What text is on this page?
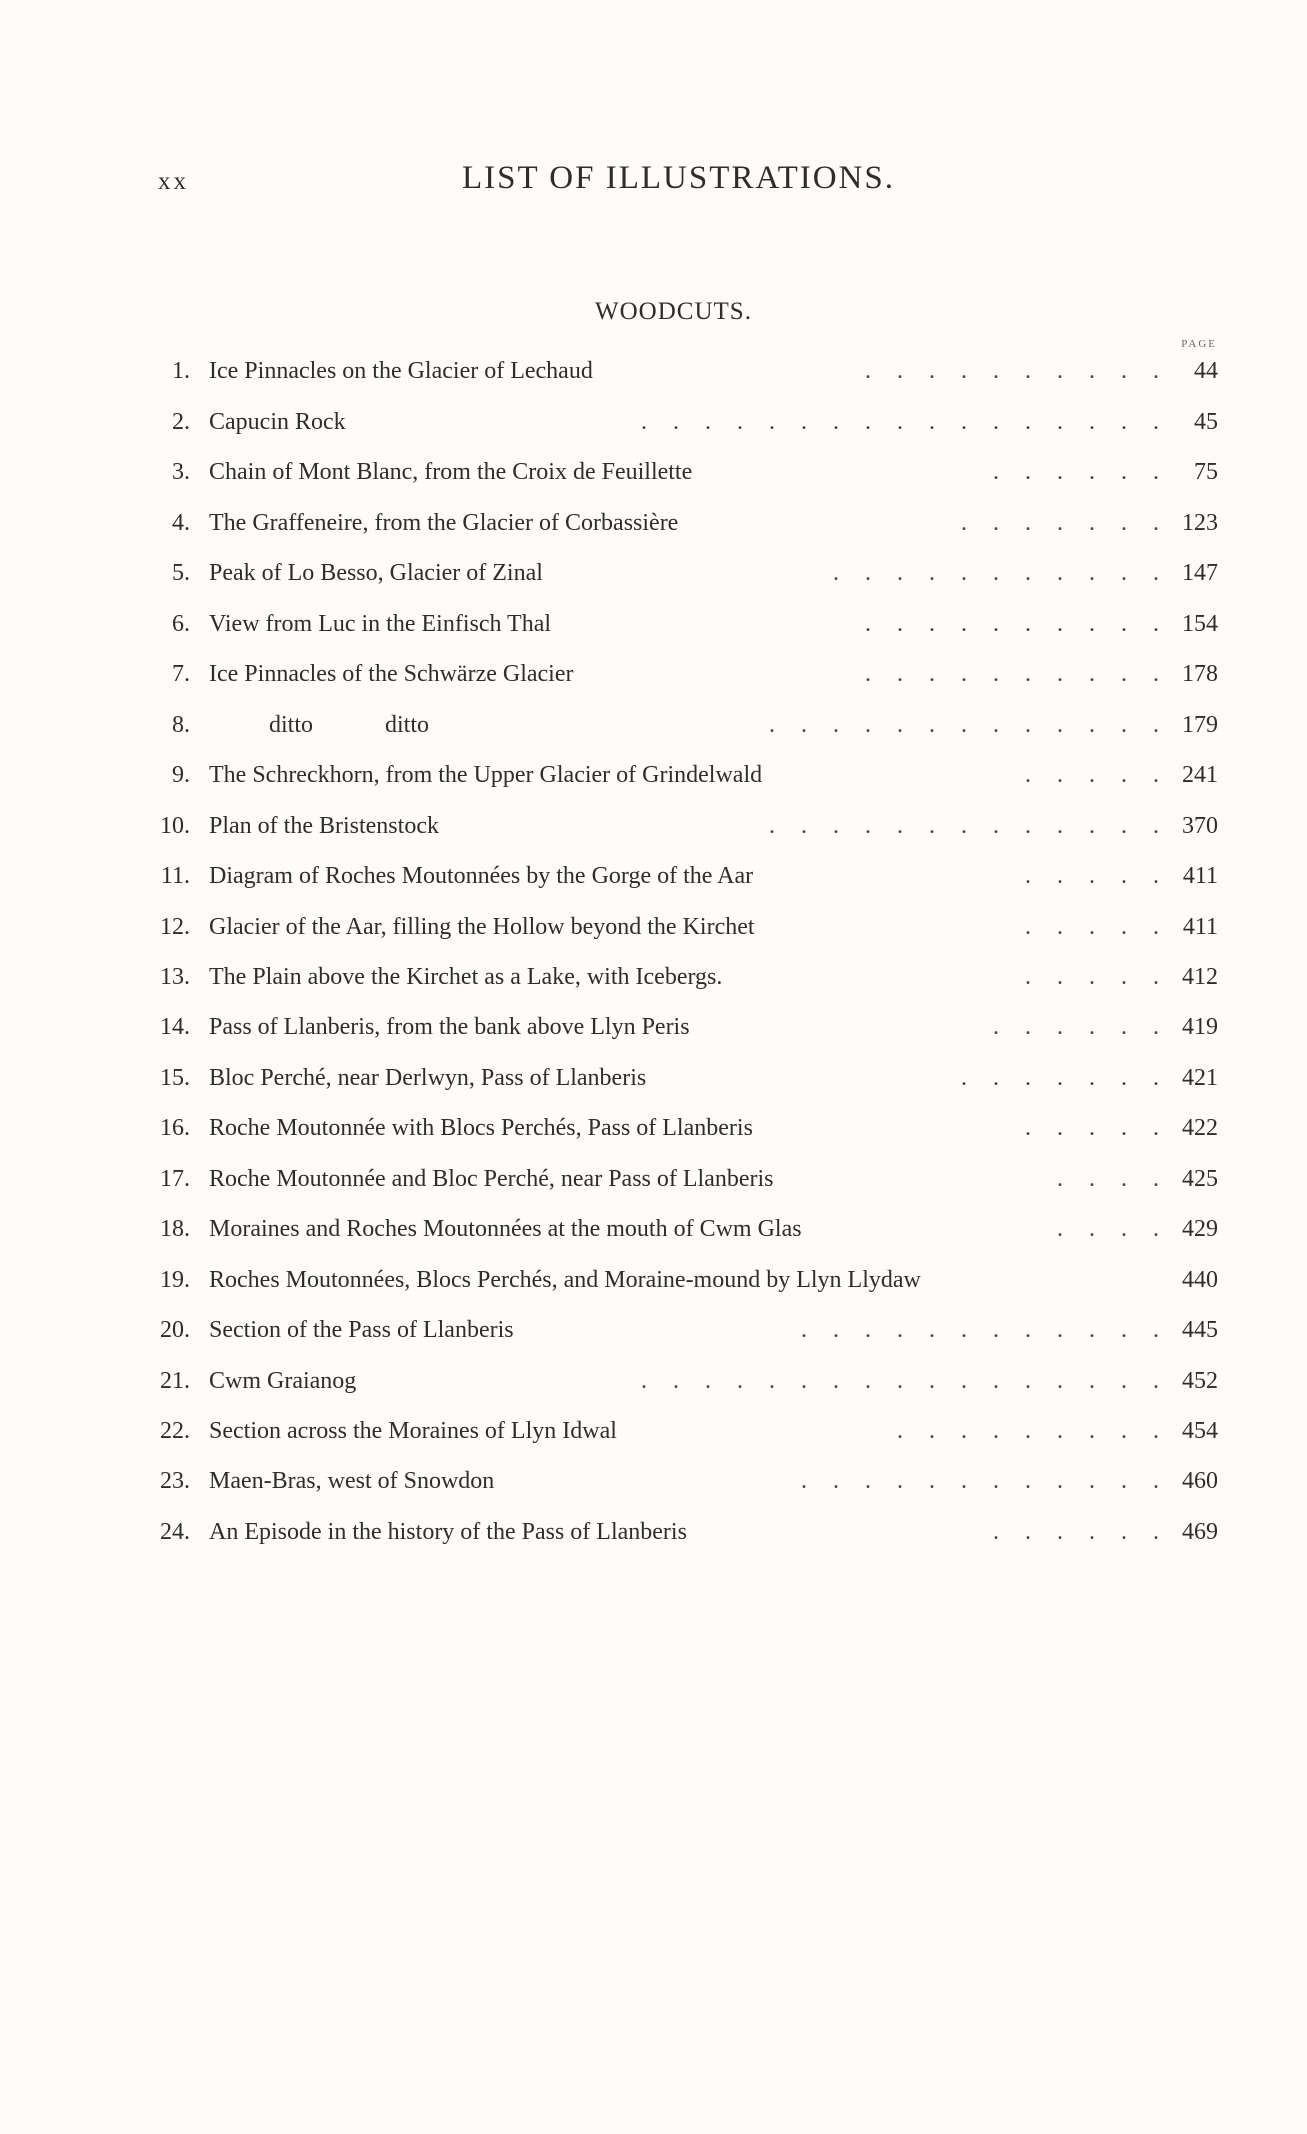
xx	LIST OF ILLUSTRATIONS.
WOODCUTS.
PAGE
1. Ice Pinnacles on the Glacier of Lechaud	. . . . . . . . . .	44
2. Capucin Rock	. . . . . . . . . . . . . . . . .	45
3. Chain of Mont Blanc, from the Croix de Feuillette	. . . . . .	75
4. The Graffeneire, from the Glacier of Corbassière	. . . . . . . 123
5. Peak of Lo Besso, Glacier of Zinal	. . . . . . . . . . . 147
6. View from Luc in the Einfisch Thal	. . . . . . . . . . 154
7. Ice Pinnacles of the Schwärze Glacier	. . . . . . . . . . 178
8. ditto            ditto	. . . . . . . . . . . . . 179
9. The Schreckhorn, from the Upper Glacier of Grindelwald	. . . . . 241
10. Plan of the Bristenstock	. . . . . . . . . . . . . 370
11. Diagram of Roches Moutonnées by the Gorge of the Aar	. . . . . 411
12. Glacier of the Aar, filling the Hollow beyond the Kirchet	. . . . . 411
13. The Plain above the Kirchet as a Lake, with Icebergs.	. . . . . 412
14. Pass of Llanberis, from the bank above Llyn Peris	. . . . . . 419
15. Bloc Perché, near Derlwyn, Pass of Llanberis	. . . . . . . 421
16. Roche Moutonnée with Blocs Perchés, Pass of Llanberis	. . . . . 422
17. Roche Moutonnée and Bloc Perché, near Pass of Llanberis	. . . . 425
18. Moraines and Roches Moutonnées at the mouth of Cwm Glas	. . . . 429
19. Roches Moutonnées, Blocs Perchés, and Moraine-mound by Llyn Llydaw	440
20. Section of the Pass of Llanberis	. . . . . . . . . . . . 445
21. Cwm Graianog	. . . . . . . . . . . . . . . . . 452
22. Section across the Moraines of Llyn Idwal	. . . . . . . . . 454
23. Maen-Bras, west of Snowdon	. . . . . . . . . . . . 460
24. An Episode in the history of the Pass of Llanberis	. . . . . . 469
